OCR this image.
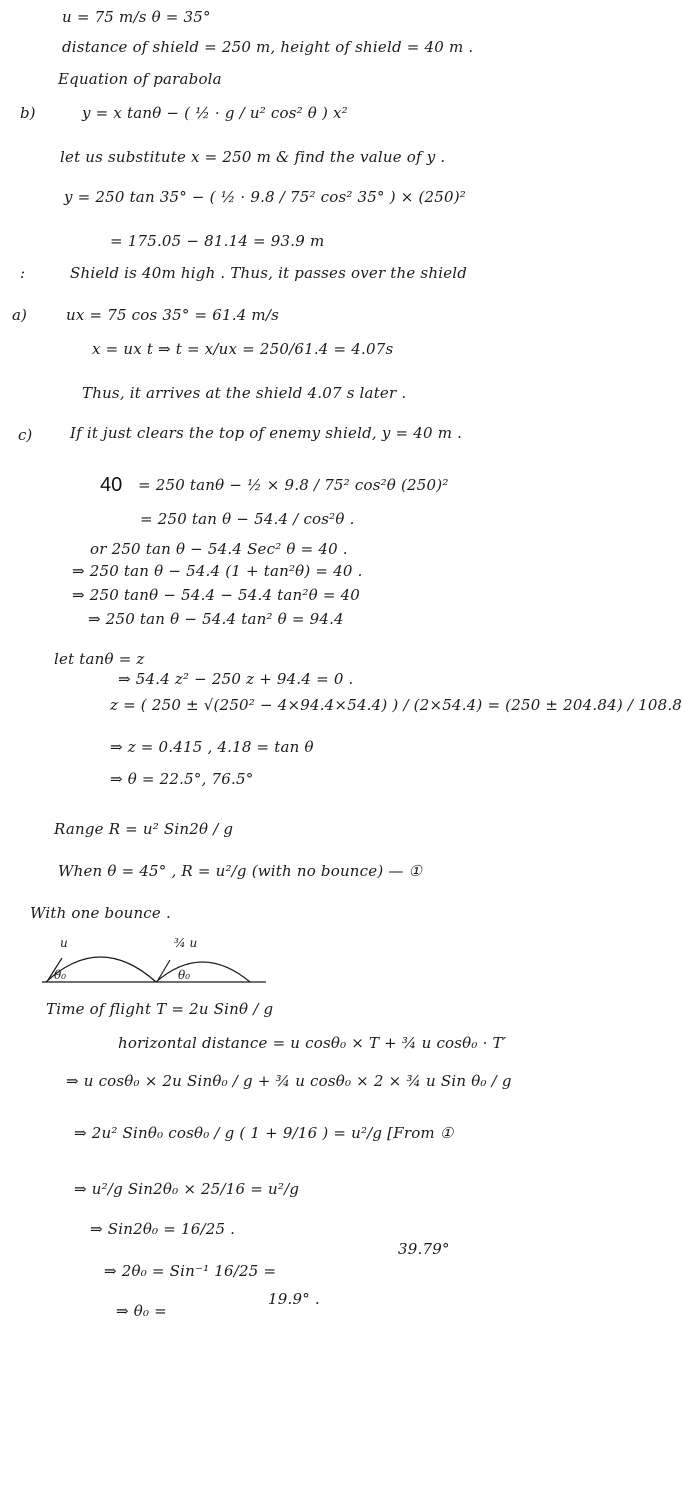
b)
:
a)
c)
u = 75 m/s θ = 35°
distance of shield = 250 m, height of shield = 40 m .
Equation of parabola
y = x tanθ − ( ½ · g / u² cos² θ ) x²
let us substitute x = 250 m & find the value of y .
y = 250 tan 35° − ( ½ · 9.8 / 75² cos² 35° ) × (250)²
= 175.05 − 81.14 = 93.9 m
Shield is 40m high . Thus, it passes over the shield
ux = 75 cos 35° = 61.4 m/s
x = ux t ⇒ t = x/ux = 250/61.4 = 4.07s
Thus, it arrives at the shield 4.07 s later .
If it just clears the top of enemy shield, y = 40 m .
40 = 250 tanθ − ½ × 9.8 / 75² cos²θ (250)²
= 250 tan θ − 54.4 / cos²θ .
or 250 tan θ − 54.4 Sec² θ = 40 .
⇒ 250 tan θ − 54.4 (1 + tan²θ) = 40 .
⇒ 250 tanθ − 54.4 − 54.4 tan²θ = 40
⇒ 250 tan θ − 54.4 tan² θ = 94.4
let tanθ = z
⇒ 54.4 z² − 250 z + 94.4 = 0 .
z = ( 250 ± √(250² − 4×94.4×54.4) ) / (2×54.4) = (250 ± 204.84) / 108.8
⇒ z = 0.415 , 4.18 = tan θ
⇒ θ = 22.5°, 76.5°
Range R = u² Sin2θ / g
When θ = 45° , R = u²/g (with no bounce) — ①
With one bounce .
u	¾ u
θ₀	θ₀
Time of flight T = 2u Sinθ / g
horizontal distance = u cosθ₀ × T + ¾ u cosθ₀ · T′
⇒ u cosθ₀ × 2u Sinθ₀ / g + ¾ u cosθ₀ × 2 × ¾ u Sin θ₀ / g
⇒ 2u² Sinθ₀ cosθ₀ / g ( 1 + 9/16 ) = u²/g [From ①
⇒ u²/g Sin2θ₀ × 25/16 = u²/g
⇒ Sin2θ₀ = 16/25 .
⇒ 2θ₀ = Sin⁻¹ 16/25 =
39.79°
⇒ θ₀ =
19.9° .
